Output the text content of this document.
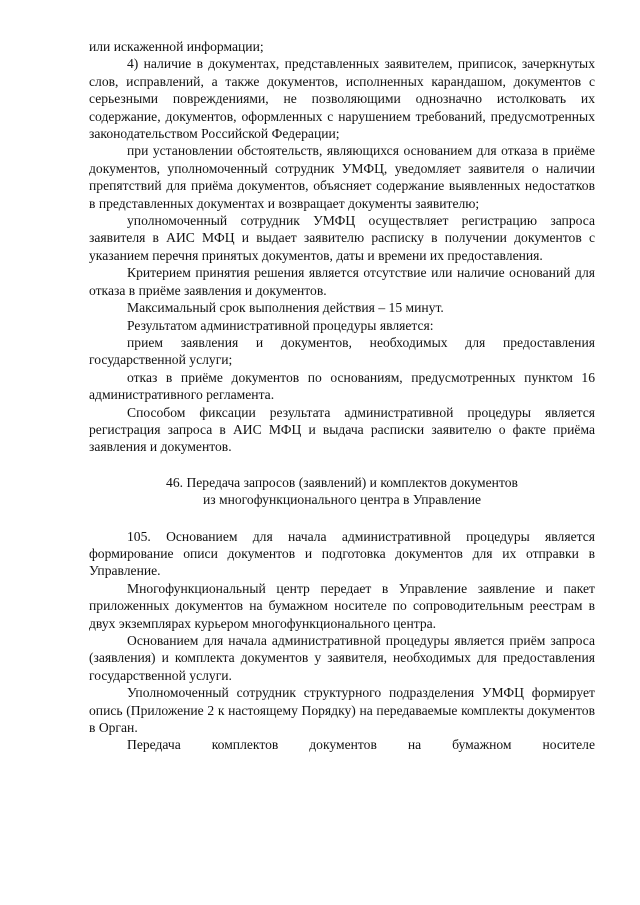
или искаженной информации;

4) наличие в документах, представленных заявителем, приписок, зачеркнутых слов, исправлений, а также документов, исполненных карандашом, документов с серьезными повреждениями, не позволяющими однозначно истолковать их содержание, документов, оформленных с нарушением требований, предусмотренных законодательством Российской Федерации;

при установлении обстоятельств, являющихся основанием для отказа в приёме документов, уполномоченный сотрудник УМФЦ, уведомляет заявителя о наличии препятствий для приёма документов, объясняет содержание выявленных недостатков в представленных документах и возвращает документы заявителю;

уполномоченный сотрудник УМФЦ осуществляет регистрацию запроса заявителя в АИС МФЦ и выдает заявителю расписку в получении документов с указанием перечня принятых документов, даты и времени их предоставления.

Критерием принятия решения является отсутствие или наличие оснований для отказа в приёме заявления и документов.

Максимальный срок выполнения действия – 15 минут.

Результатом административной процедуры является:

прием заявления и документов, необходимых для предоставления государственной услуги;

отказ в приёме документов по основаниям, предусмотренных пунктом 16 административного регламента.

Способом фиксации результата административной процедуры является регистрация запроса в АИС МФЦ и выдача расписки заявителю о факте приёма заявления и документов.

46. Передача запросов (заявлений) и комплектов документов

из многофункционального центра в Управление

105. Основанием для начала административной процедуры является формирование описи документов и подготовка документов для их отправки в Управление.

Многофункциональный центр передает в Управление заявление и пакет приложенных документов на бумажном носителе по сопроводительным реестрам в двух экземплярах курьером многофункционального центра.

Основанием для начала административной процедуры является приём запроса (заявления) и комплекта документов у заявителя, необходимых для предоставления государственной услуги.

Уполномоченный сотрудник структурного подразделения УМФЦ формирует опись (Приложение 2 к настоящему Порядку) на передаваемые комплекты документов в Орган.

Передача комплектов документов на бумажном носителе
